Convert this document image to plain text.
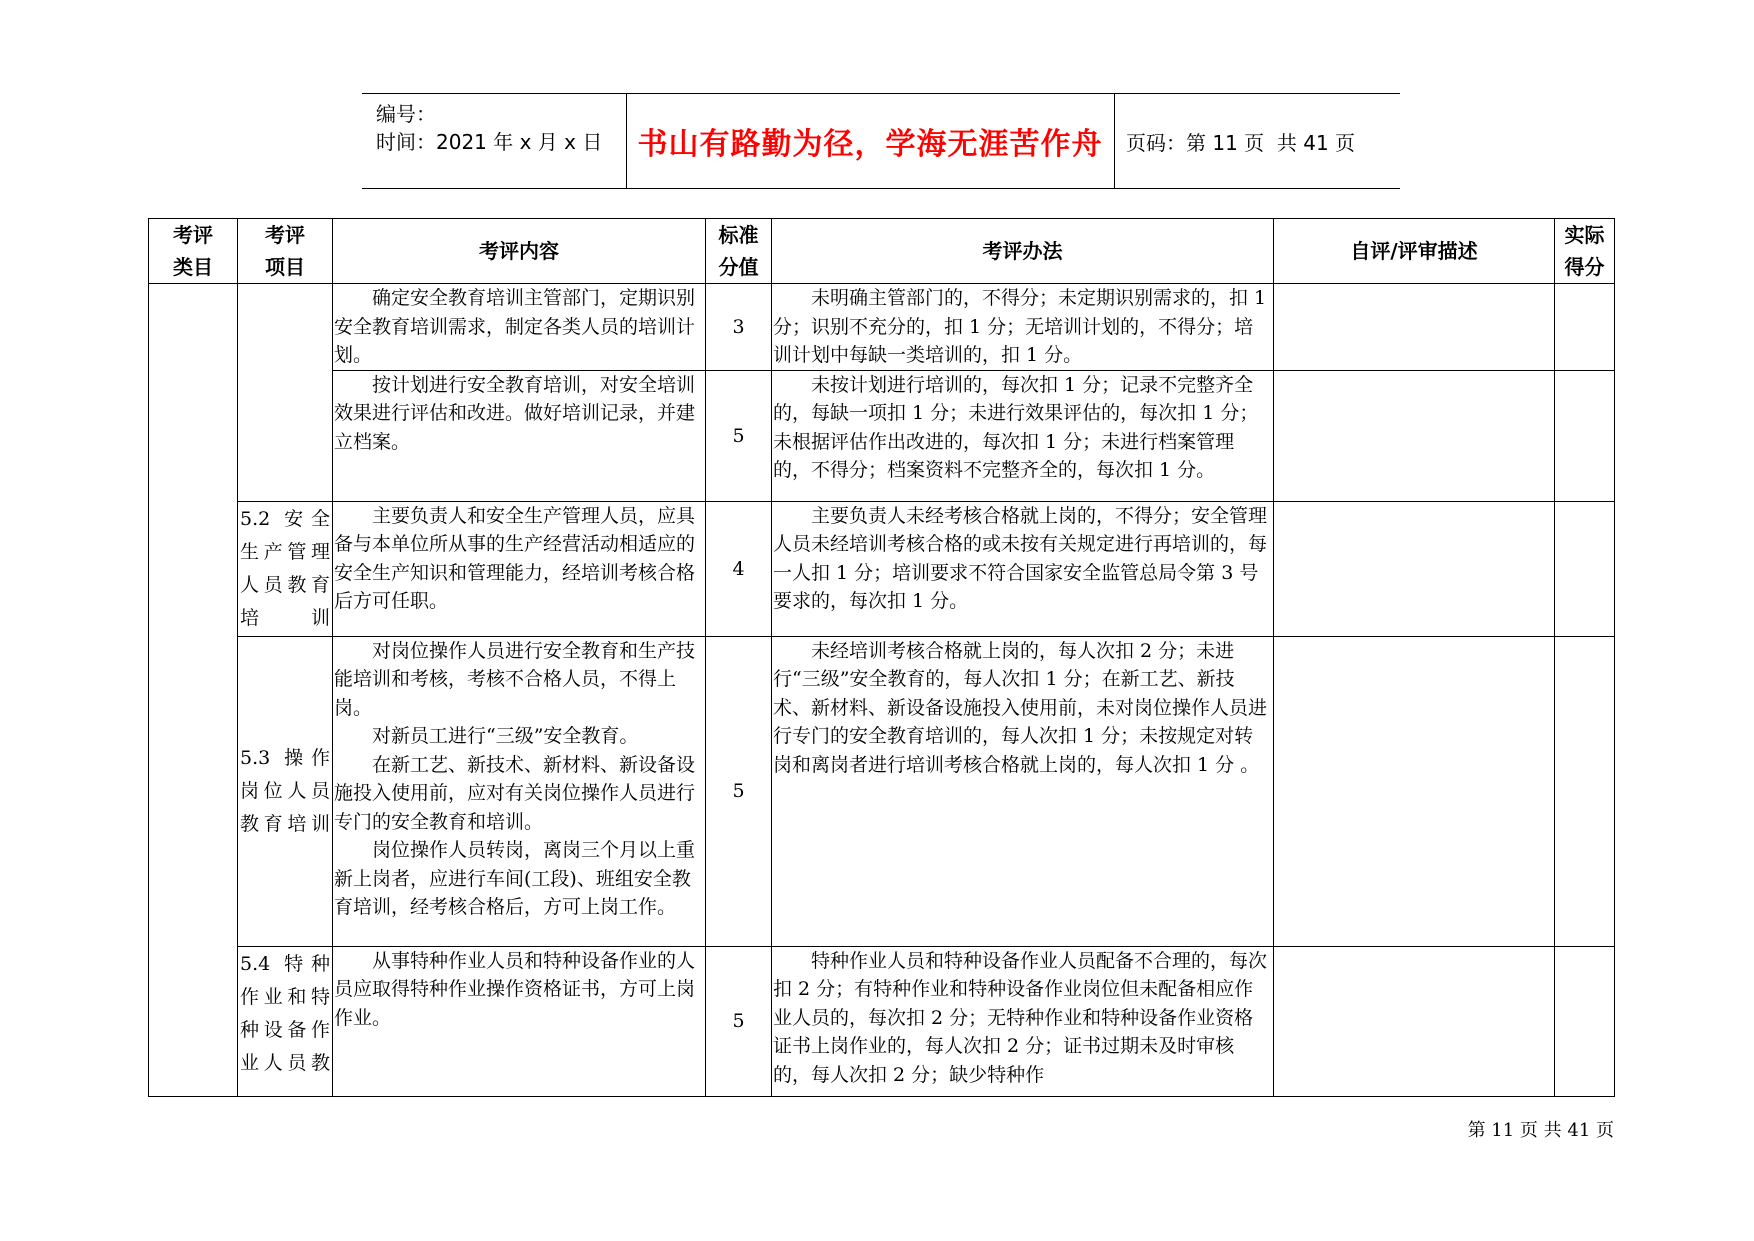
编号：
时间：2021 年 x 月 x 日 书山有路勤为径，学海无涯苦作舟 页码：第 11 页  共 41 页
考评类目	考评项目	考评内容	标准分值	考评办法	自评/评审描述	实际得分

		确定安全教育培训主管部门，定期识别安全教育培训需求，制定各类人员的培训计划。	3	未明确主管部门的，不得分；未定期识别需求的，扣 1 分；识别不充分的，扣 1 分；无培训计划的，不得分；培训计划中每缺一类培训的，扣 1 分。		

		按计划进行安全教育培训，对安全培训效果进行评估和改进。做好培训记录，并建立档案。	5	未按计划进行培训的，每次扣 1 分；记录不完整齐全的，每缺一项扣 1 分；未进行效果评估的，每次扣 1 分；未根据评估作出改进的，每次扣 1 分；未进行档案管理的，不得分；档案资料不完整齐全的，每次扣 1 分。		

	5.2 安全生产管理人员教育培训	主要负责人和安全生产管理人员，应具备与本单位所从事的生产经营活动相适应的安全生产知识和管理能力，经培训考核合格后方可任职。	4	主要负责人未经考核合格就上岗的，不得分；安全管理人员未经培训考核合格的或未按有关规定进行再培训的，每一人扣 1 分；培训要求不符合国家安全监管总局令第 3 号要求的，每次扣 1 分。		

	5.3 操作岗位人员教育培训	对岗位操作人员进行安全教育和生产技能培训和考核，考核不合格人员，不得上岗。
对新员工进行“三级”安全教育。
在新工艺、新技术、新材料、新设备设施投入使用前，应对有关岗位操作人员进行专门的安全教育和培训。
岗位操作人员转岗，离岗三个月以上重新上岗者，应进行车间(工段)、班组安全教育培训，经考核合格后，方可上岗工作。	5	未经培训考核合格就上岗的，每人次扣 2 分；未进行“三级”安全教育的，每人次扣 1 分；在新工艺、新技术、新材料、新设备设施投入使用前，未对岗位操作人员进行专门的安全教育培训的，每人次扣 1 分；未按规定对转岗和离岗者进行培训考核合格就上岗的，每人次扣 1 分 。		

	5.4 特种作业和特种设备作业人员教	从事特种作业人员和特种设备作业的人员应取得特种作业操作资格证书，方可上岗作业。	5	特种作业人员和特种设备作业人员配备不合理的，每次扣 2 分；有特种作业和特种设备作业岗位但未配备相应作业人员的，每次扣 2 分；无特种作业和特种设备作业资格证书上岗作业的，每人次扣 2 分；证书过期未及时审核的，每人次扣 2 分；缺少特种作		

第 11 页 共 41 页
